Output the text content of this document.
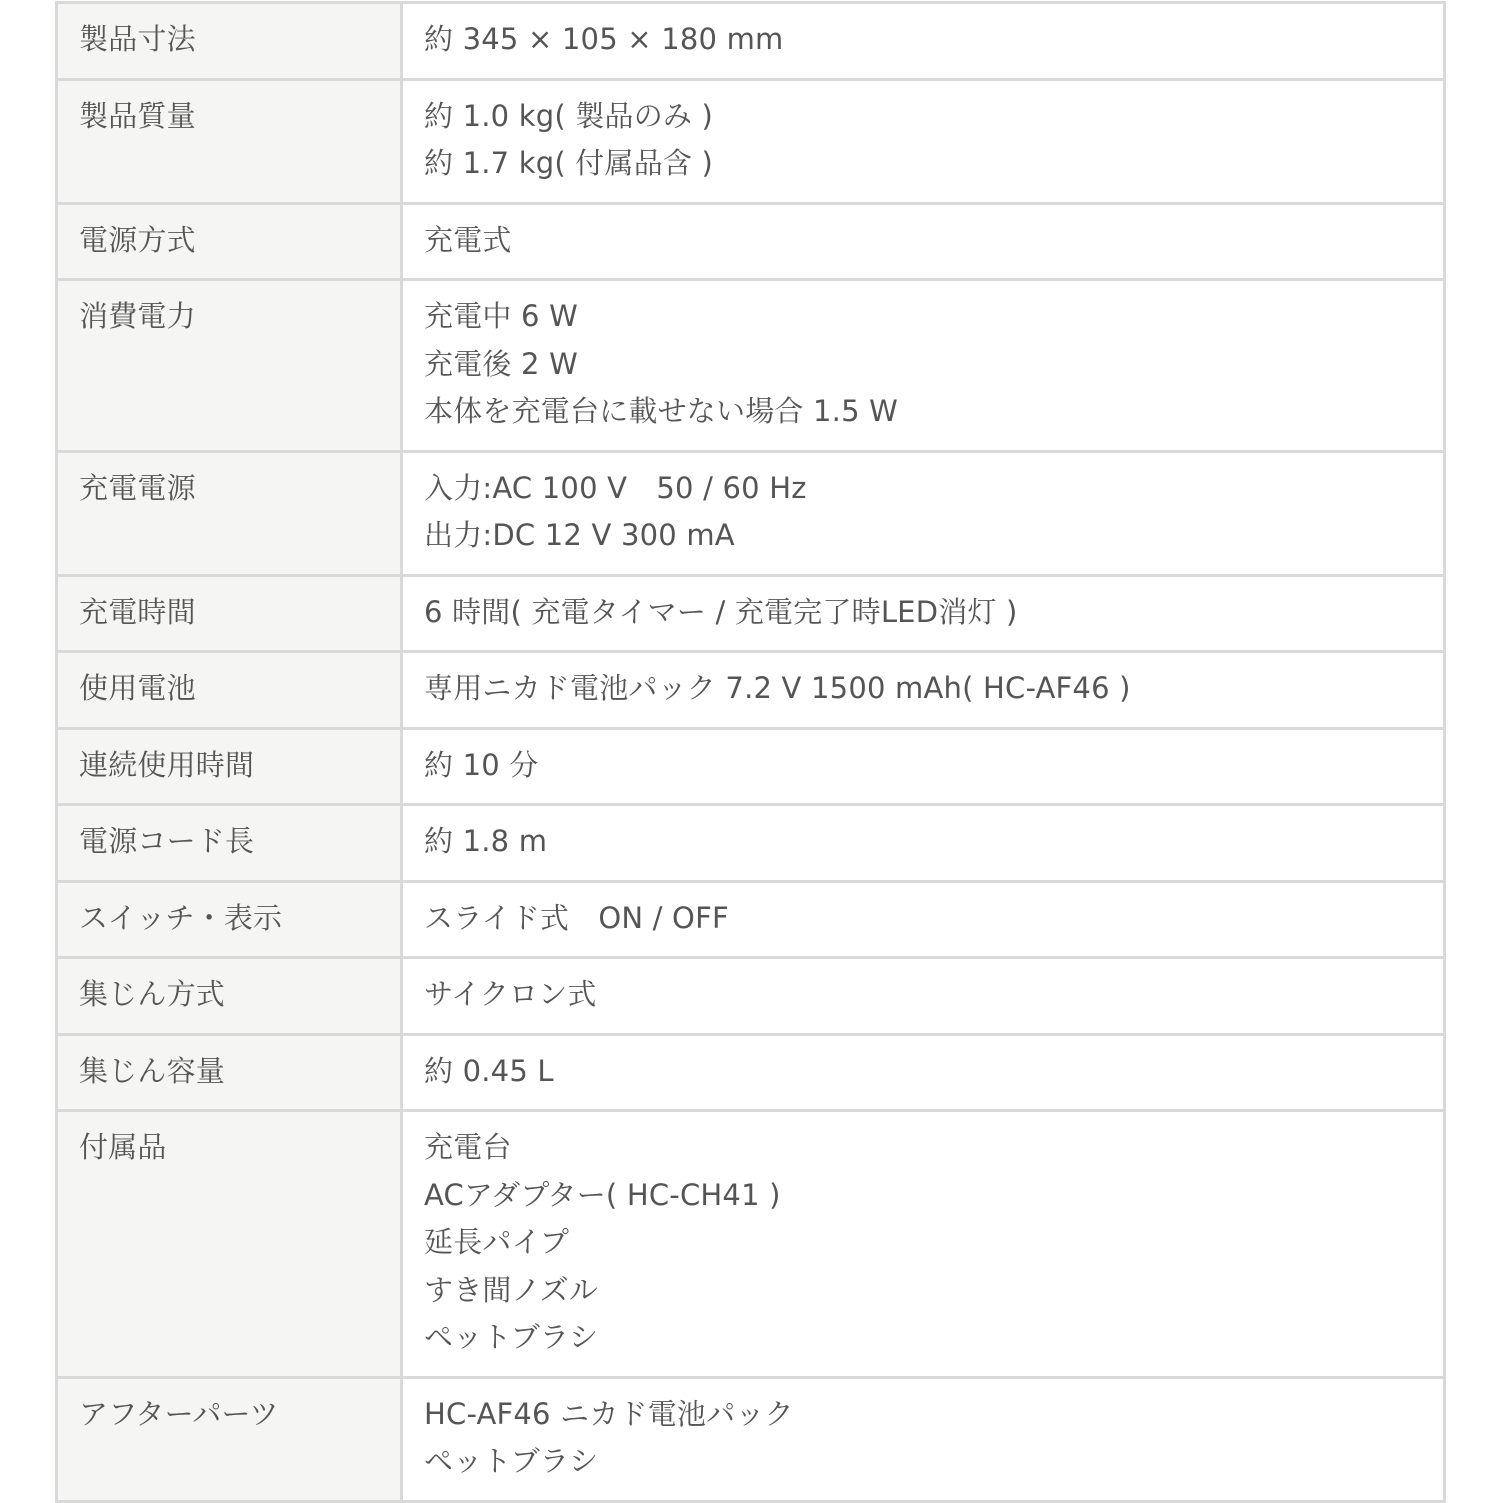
製品寸法	約 345 × 105 × 180 mm

製品質量	約 1.0 kg( 製品のみ )
約 1.7 kg( 付属品含 )

電源方式	充電式

消費電力	充電中 6 W
充電後 2 W
本体を充電台に載せない場合 1.5 W

充電電源	入力:AC 100 V　50 / 60 Hz
出力:DC 12 V 300 mA

充電時間	6 時間( 充電タイマー / 充電完了時LED消灯 )

使用電池	専用ニカド電池パック 7.2 V 1500 mAh( HC-AF46 )

連続使用時間	約 10 分

電源コード長	約 1.8 m

スイッチ・表示	スライド式　ON / OFF

集じん方式	サイクロン式

集じん容量	約 0.45 L

付属品	充電台
ACアダプター( HC-CH41 )
延長パイプ
すき間ノズル
ペットブラシ

アフターパーツ	HC-AF46 ニカド電池パック
ペットブラシ
